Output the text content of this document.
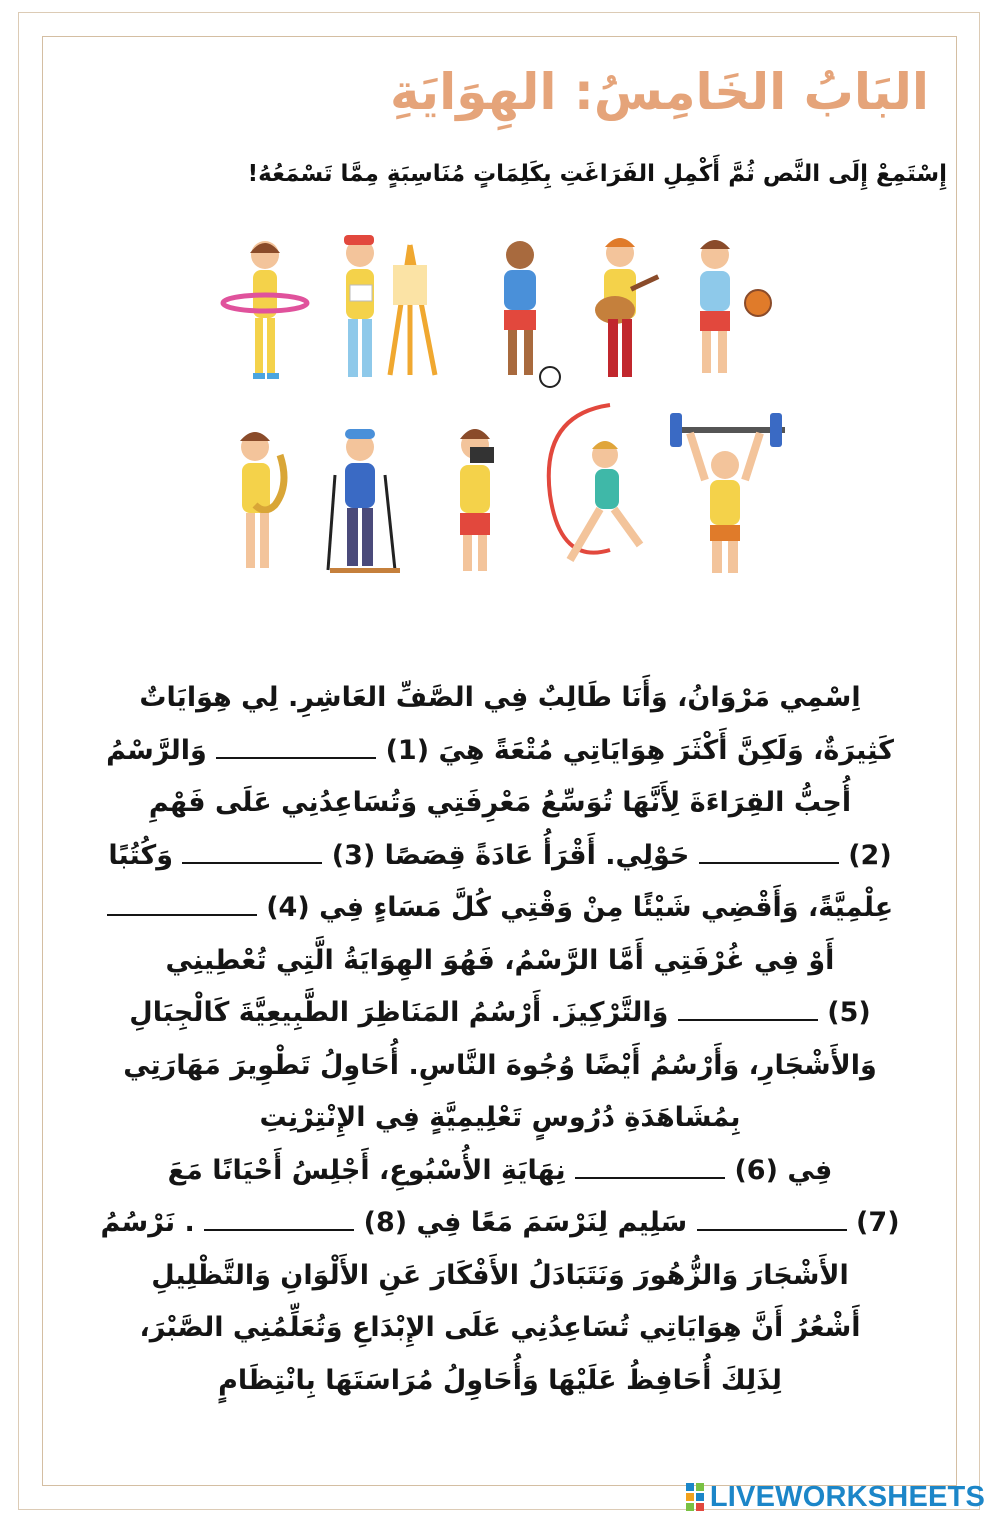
البَابُ الخَامِسُ: الهِوَايَةِ
إِسْتَمِعْ إِلَى النَّص ثُمَّ أَكْمِلِ الفَرَاغَتِ بِكَلِمَاتٍ مُنَاسِبَةٍ مِمَّا تَسْمَعُهُ!
اِسْمِي مَرْوَانُ، وَأَنَا طَالِبٌ فِي الصَّفِّ العَاشِرِ. لِي هِوَايَاتٌ
كَثِيرَةٌ، وَلَكِنَّ أَكْثَرَ هِوَايَاتِي مُتْعَةً هِيَ (1)  وَالرَّسْمُ
أُحِبُّ القِرَاءَةَ لِأَنَّهَا تُوَسِّعُ مَعْرِفَتِي وَتُسَاعِدُنِي عَلَى فَهْمِ
(2)  حَوْلِي. أَقْرَأُ عَادَةً قِصَصًا (3)  وَكُتُبًا
عِلْمِيَّةً، وَأَقْضِي شَيْئًا مِنْ وَقْتِي كُلَّ مَسَاءٍ فِي (4)
أَوْ فِي غُرْفَتِي أَمَّا الرَّسْمُ، فَهُوَ الهِوَايَةُ الَّتِي تُعْطِينِي
(5)  وَالتَّرْكِيزَ. أَرْسُمُ المَنَاظِرَ الطَّبِيعِيَّةَ كَالْجِبَالِ
وَالأَشْجَارِ، وَأَرْسُمُ أَيْضًا وُجُوهَ النَّاسِ. أُحَاوِلُ تَطْوِيرَ مَهَارَتِي
بِمُشَاهَدَةِ دُرُوسٍ تَعْلِيمِيَّةٍ فِي الإِنْتِرْنِتِ
فِي (6)  نِهَايَةِ الأُسْبُوعِ، أَجْلِسُ أَحْيَانًا مَعَ
(7)  سَلِيم لِنَرْسَمَ مَعًا فِي (8)  . نَرْسُمُ
الأَشْجَارَ وَالزُّهُورَ وَنَتَبَادَلُ الأَفْكَارَ عَنِ الأَلْوَانِ وَالتَّظْلِيلِ
أَشْعُرُ أَنَّ هِوَايَاتِي تُسَاعِدُنِي عَلَى الإِبْدَاعِ وَتُعَلِّمُنِي الصَّبْرَ،
لِذَلِكَ أُحَافِظُ عَلَيْهَا وَأُحَاوِلُ مُرَاسَتَهَا بِانْتِظَامٍ
LIVEWORKSHEETS
